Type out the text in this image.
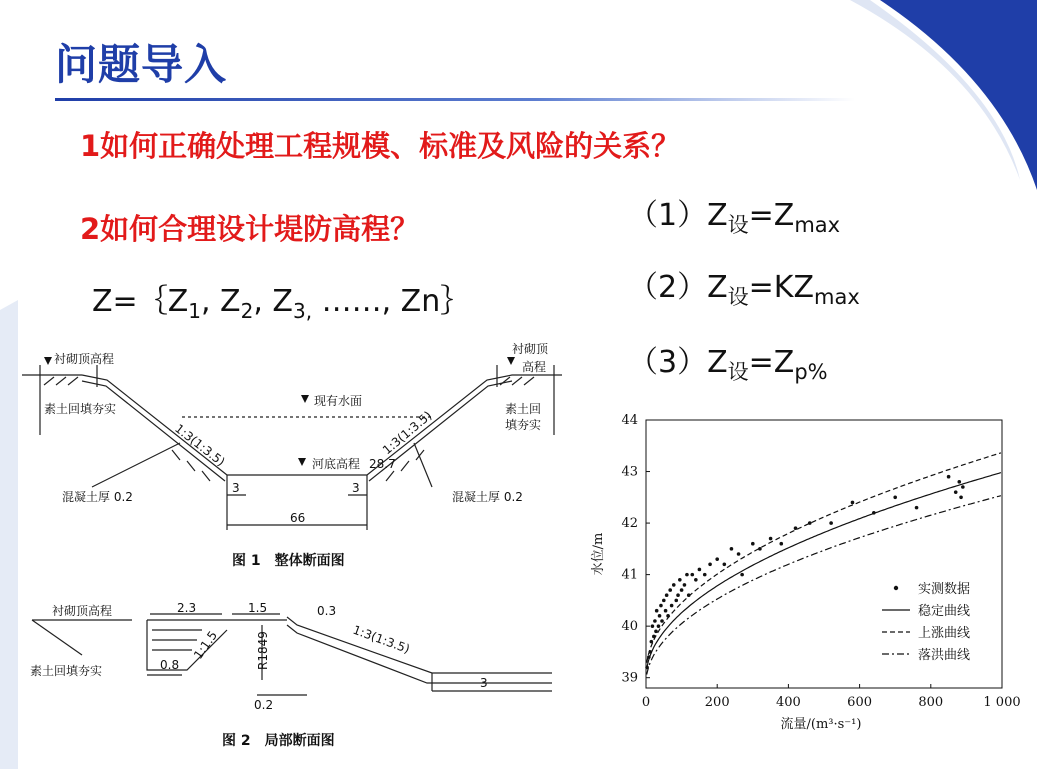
问题导入
1如何正确处理工程规模、标准及风险的关系？
2如何合理设计堤防高程？
$Z=\{Z_1$, $Z_2$, $Z_{3,}$ ……, Zn｝
$(1)Z_设=Z_{max}$
$(2)Z_设=KZ_{max}$
$(3)Z_设=Z_{p\%}$
衬砌顶高程
衬砌顶
高程
现有水面
河底高程 28.7
素土回填夯实	素土回
填夯实
1:3(1:3.5)	1:3(1:3.5)
混凝土厚 0.2	混凝土厚 0.2
3	3
66
图 1　整体断面图
衬砌顶高程
素土回填夯实
2.3	1.5	0.3
1:1.5
0.8	R1849	1:3(1:3.5)
0.2
3
图 2　局部断面图
0	200	400	600	800	1 000
39
40
41
42
43
44
流量/(m³·s⁻¹)
水位/m
实测数据
稳定曲线
上涨曲线
落洪曲线
